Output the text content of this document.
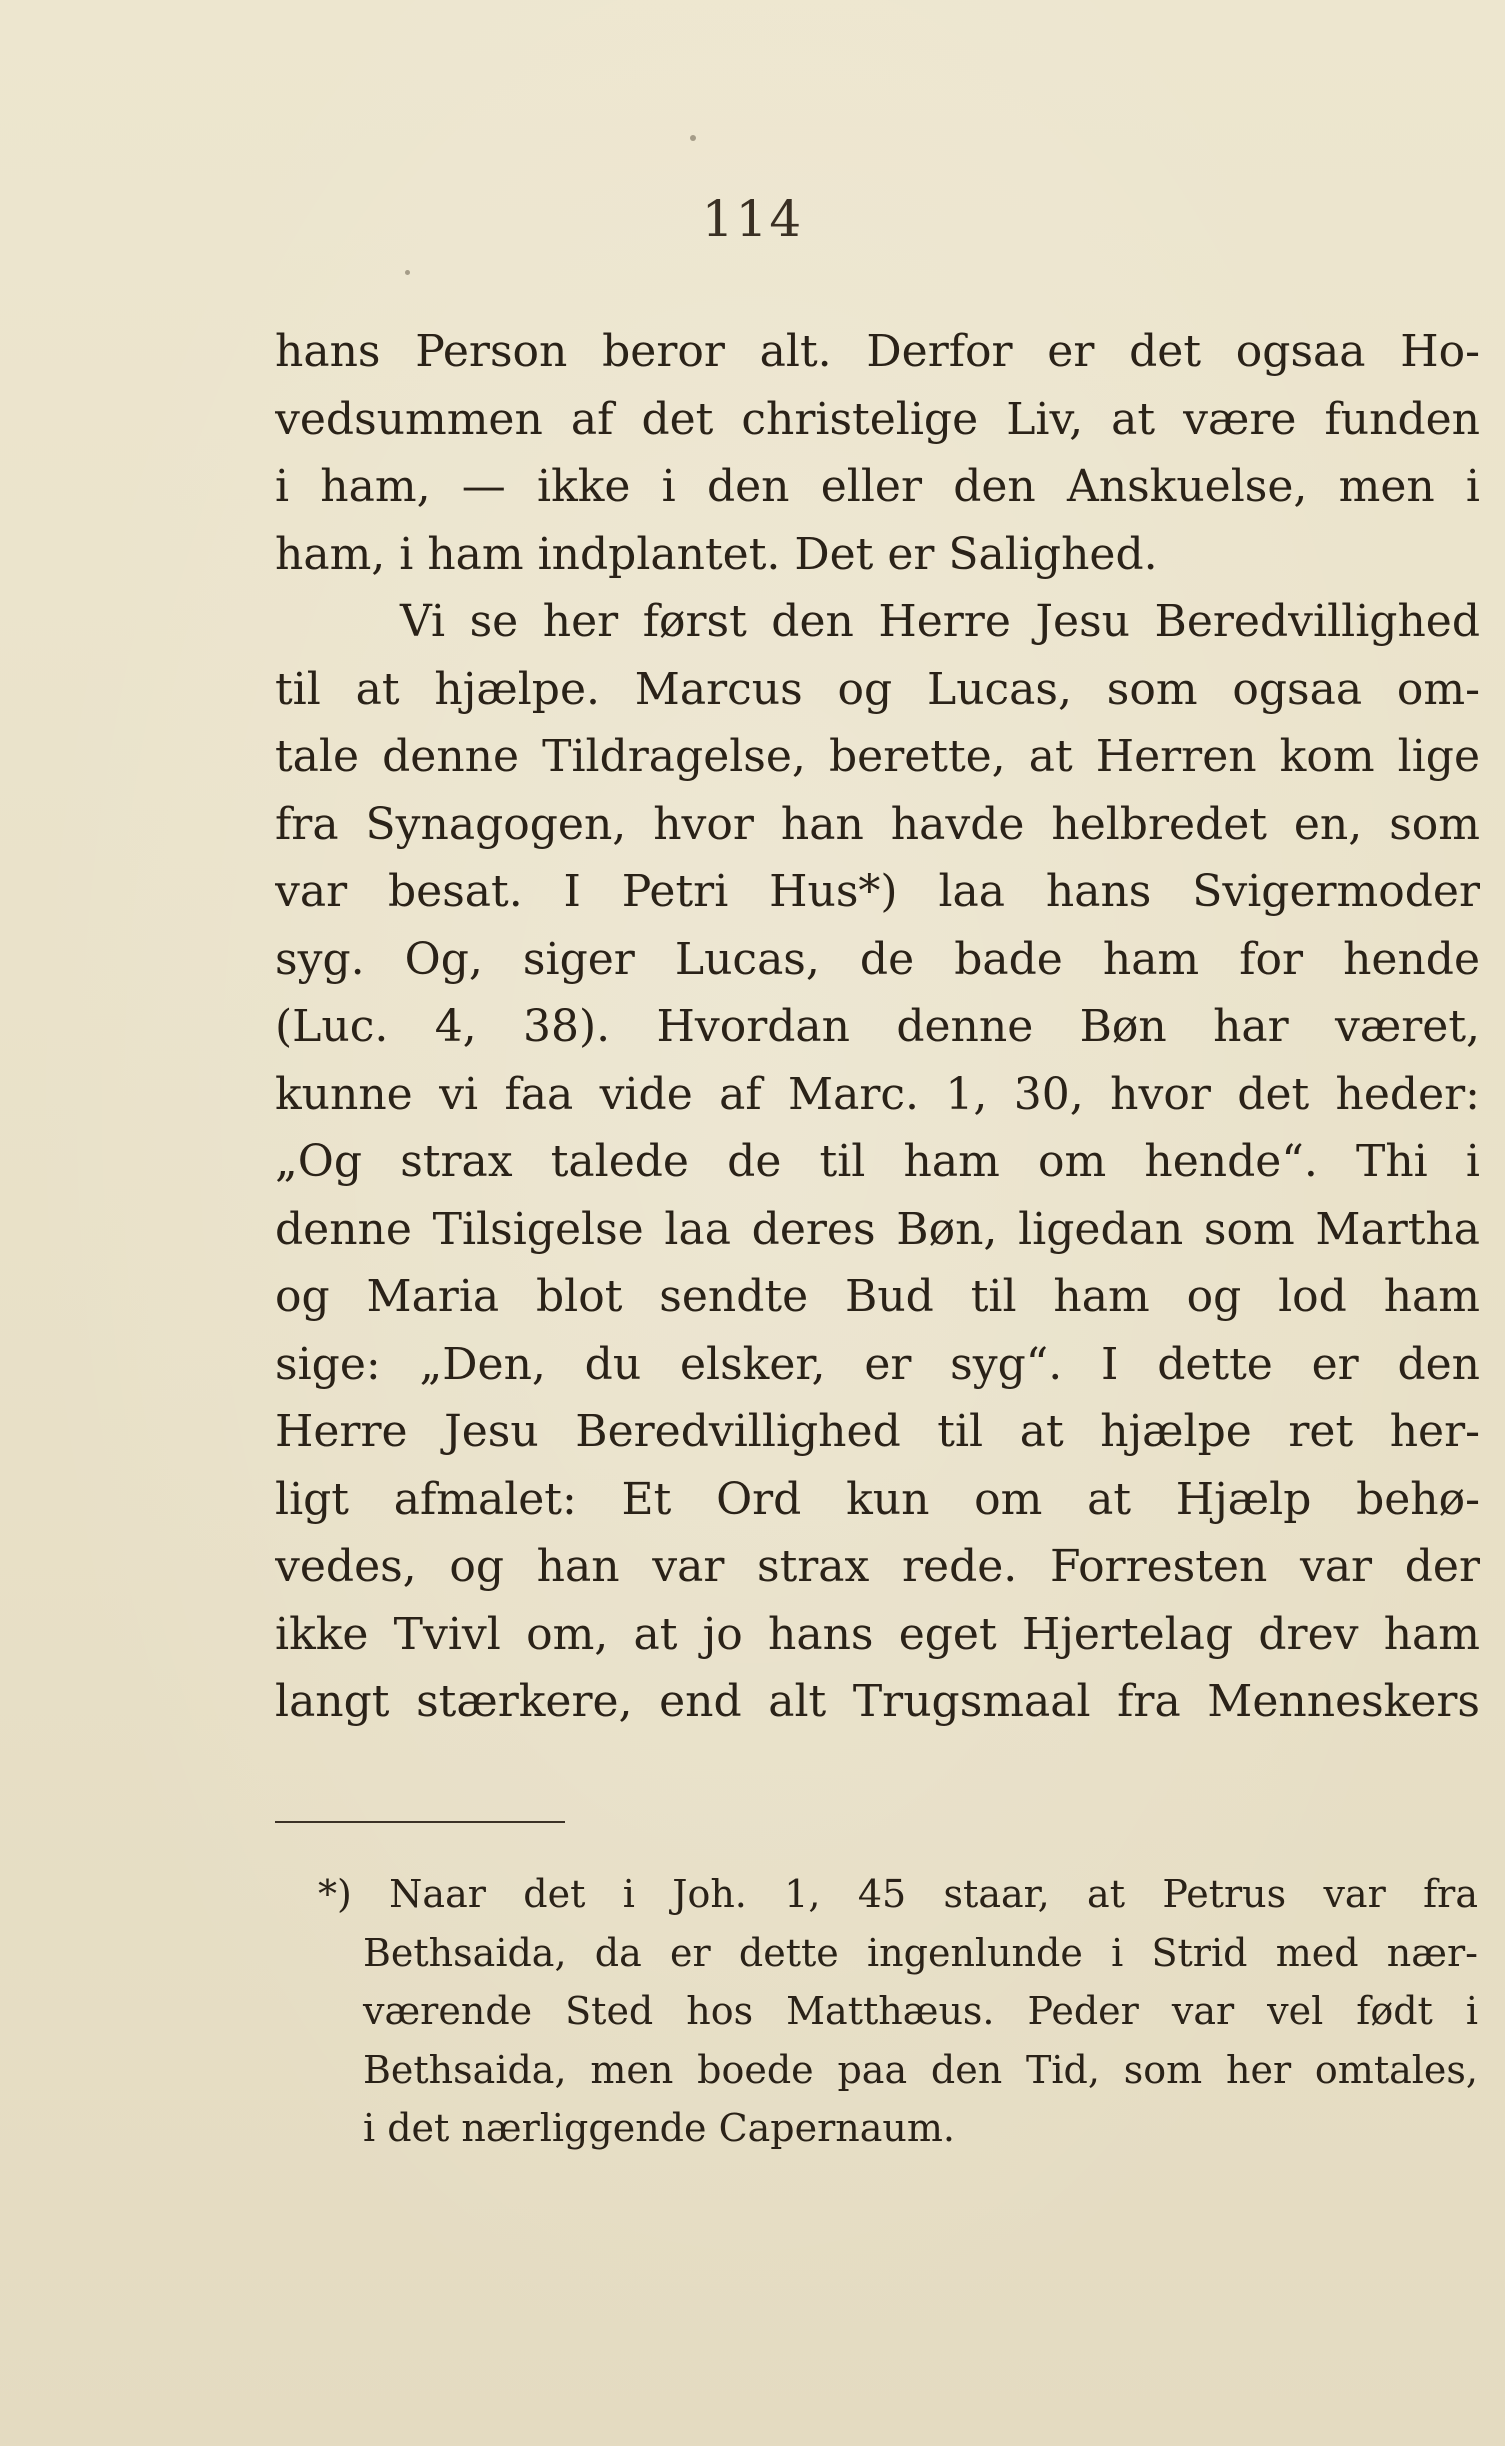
114
hans Person beror alt. Derfor er det ogsaa Ho-
vedsummen af det christelige Liv, at være funden
i ham, — ikke i den eller den Anskuelse, men i
ham, i ham indplantet. Det er Salighed.
Vi se her først den Herre Jesu Beredvillighed
til at hjælpe. Marcus og Lucas, som ogsaa om-
tale denne Tildragelse, berette, at Herren kom lige
fra Synagogen, hvor han havde helbredet en, som
var besat. I Petri Hus*) laa hans Svigermoder
syg. Og, siger Lucas, de bade ham for hende
(Luc. 4, 38). Hvordan denne Bøn har været,
kunne vi faa vide af Marc. 1, 30, hvor det heder:
„Og strax talede de til ham om hende“. Thi i
denne Tilsigelse laa deres Bøn, ligedan som Martha
og Maria blot sendte Bud til ham og lod ham
sige: „Den, du elsker, er syg“. I dette er den
Herre Jesu Beredvillighed til at hjælpe ret her-
ligt afmalet: Et Ord kun om at Hjælp behø-
vedes, og han var strax rede. Forresten var der
ikke Tvivl om, at jo hans eget Hjertelag drev ham
langt stærkere, end alt Trugsmaal fra Menneskers
*) Naar det i Joh. 1, 45 staar, at Petrus var fra
Bethsaida, da er dette ingenlunde i Strid med nær-
værende Sted hos Matthæus. Peder var vel født i
Bethsaida, men boede paa den Tid, som her omtales,
i det nærliggende Capernaum.
